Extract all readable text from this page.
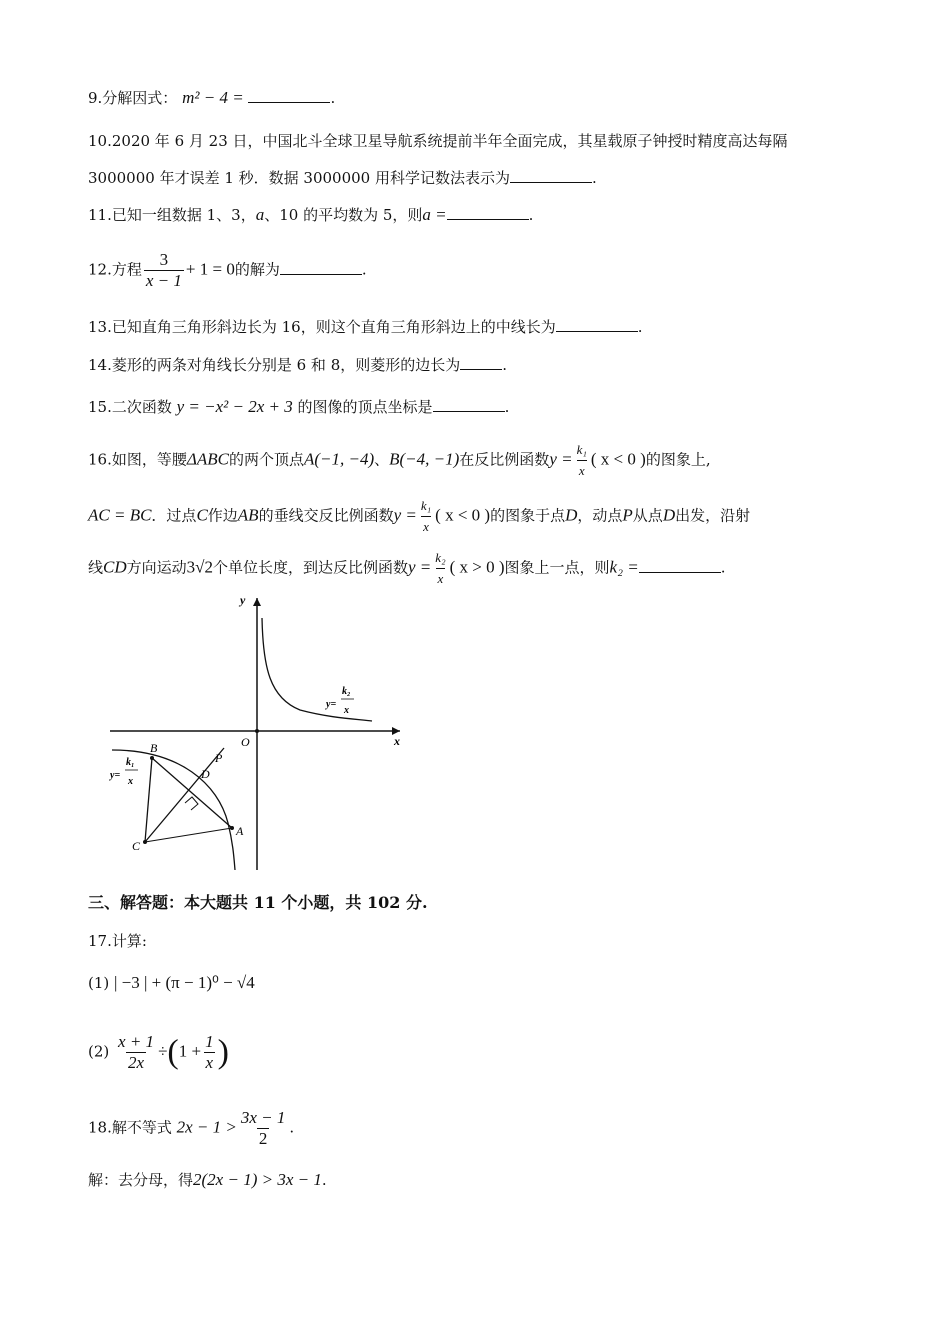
9.分解因式： m² − 4 =	.
10.2020 年 6 月 23 日，中国北斗全球卫星导航系统提前半年全面完成，其星载原子钟授时精度高达每隔
3000000 年才误差 1 秒．数据 3000000 用科学记数法表示为	.
11.已知一组数据 1、3，a、10 的平均数为 5，则a =	.
12.方程 $\frac{3}{x - 1} + 1 = 0$的解为	.
13.已知直角三角形斜边长为 16，则这个直角三角形斜边上的中线长为	.
14.菱形的两条对角线长分别是 6 和 8，则菱形的边长为	.
15.二次函数 y = −x² − 2x + 3 的图像的顶点坐标是	.
16.如图，等腰ΔABC的两个顶点A(−1, −4)、B(−4, −1)在反比例函数$y = \frac{\text{k₁}}{x}$ ( x < 0 )的图象上,
AC = BC．过点C作边AB的垂线交反比例函数$y = \frac{\text{k₁}}{x}$ ( x < 0 )的图象于点D，动点P从点D出发，沿射
线CD方向运动3√2个单位长度，到达反比例函数$y = \frac{\text{k₂}}{x}$ ( x > 0 )图象上一点，则k₂ =	.
y
x
O
y=
k₂
x
y=
k₁
x
B
C
A
D
P
三、解答题：本大题共 11 个小题，共 102 分.
17.计算:
(1) | −3 | + (π − 1)⁰ − √4
$(2) \frac{x + 1}{2x} \div(1 + \frac{1}{x}$ )
18.解不等式 $2x - 1 > \frac{3x - 1}{2}$ .
解：去分母，得2(2x − 1) > 3x − 1.
